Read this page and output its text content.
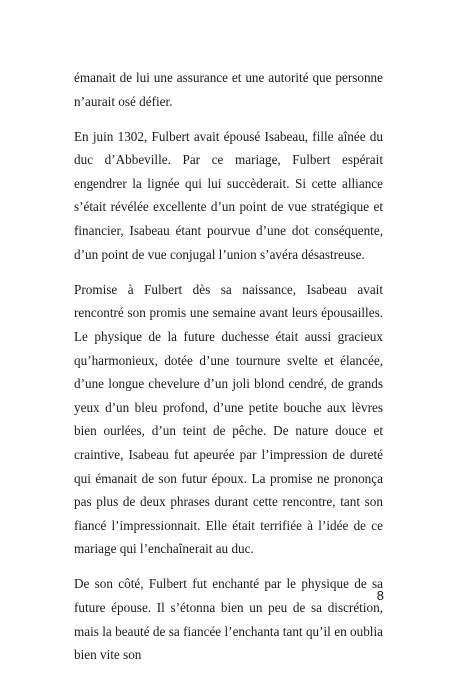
émanait de lui une assurance et une autorité que personne n’aurait osé défier.

En juin 1302, Fulbert avait épousé Isabeau, fille aînée du duc d’Abbeville. Par ce mariage, Fulbert espérait engendrer la lignée qui lui succèderait. Si cette alliance s’était révélée excellente d’un point de vue stratégique et financier, Isabeau étant pourvue d’une dot conséquente, d’un point de vue conjugal l’union s’avéra désastreuse.

Promise à Fulbert dès sa naissance, Isabeau avait rencontré son promis une semaine avant leurs épousailles. Le physique de la future duchesse était aussi gracieux qu’harmonieux, dotée d’une tournure svelte et élancée, d’une longue chevelure d’un joli blond cendré, de grands yeux d’un bleu profond, d’une petite bouche aux lèvres bien ourlées, d’un teint de pêche. De nature douce et craintive, Isabeau fut apeurée par l’impression de dureté qui émanait de son futur époux. La promise ne prononça pas plus de deux phrases durant cette rencontre, tant son fiancé l’impressionnait. Elle était terrifiée à l’idée de ce mariage qui l’enchaînerait au duc.

De son côté, Fulbert fut enchanté par le physique de sa future épouse. Il s’étonna bien un peu de sa discrétion, mais la beauté de sa fiancée l’enchanta tant qu’il en oublia bien vite son

8
